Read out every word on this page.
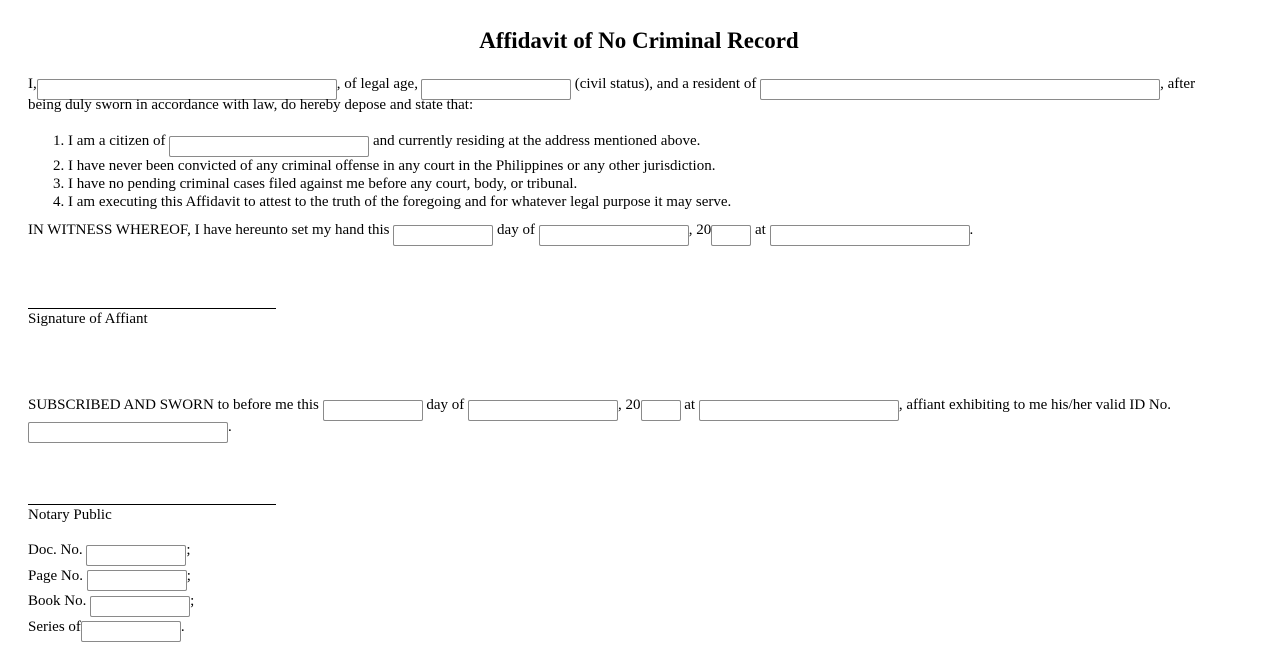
Affidavit of No Criminal Record
I,	, of legal age,	(civil status), and a resident of	, after
being duly sworn in accordance with law, do hereby depose and state that:
1. I am a citizen of	and currently residing at the address mentioned above.
2. I have never been convicted of any criminal offense in any court in the Philippines or any other jurisdiction.
3. I have no pending criminal cases filed against me before any court, body, or tribunal.
4. I am executing this Affidavit to attest to the truth of the foregoing and for whatever legal purpose it may serve.
IN WITNESS WHEREOF, I have hereunto set my hand this	day of	, 20	at	.
Signature of Affiant
SUBSCRIBED AND SWORN to before me this	day of	, 20	at	, affiant exhibiting to me his/her valid ID No.
.
Notary Public
Doc. No.	;
Page No.	;
Book No.	;
Series of	.
